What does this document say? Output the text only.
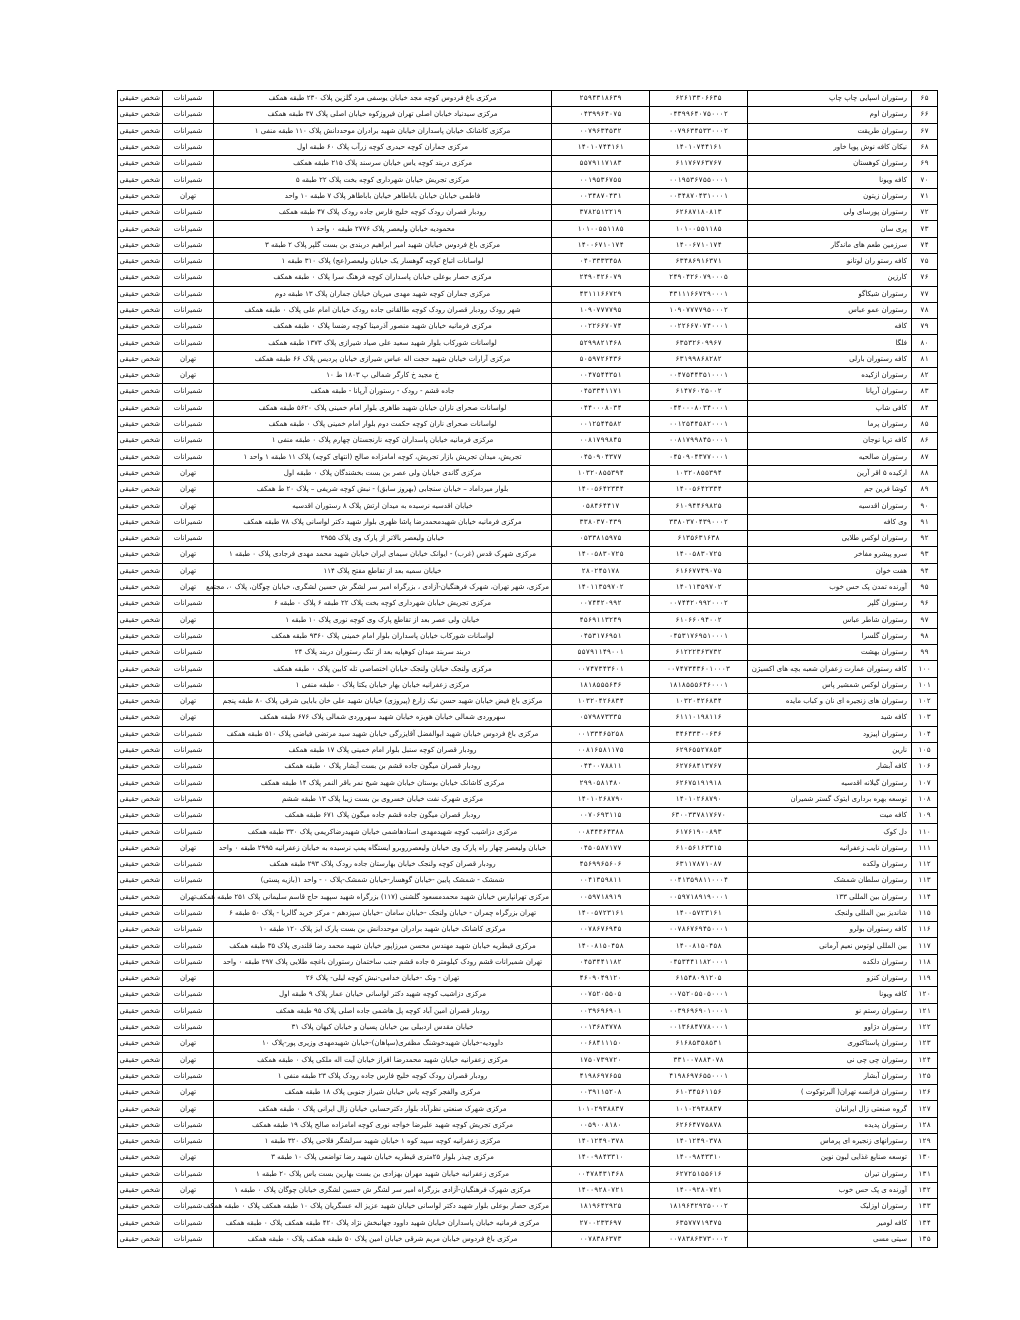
۶۵	رستوران اسپایی چاپ چاپ	۶۲۶۱۳۳۰۶۶۳۵	۲۵۹۴۳۱۸۶۳۹	مرکزی باغ فردوس کوچه مجد خیابان یوسفی مرد گلزین پلاک ۲۳۰ طبقه همکف	شمیرانات	شخص حقیقی
۶۶	رستوران اوم	۰۴۳۹۹۶۴۰۷۵۰۰۰۲	۰۴۳۹۹۶۴۰۷۵	مرکزی سیدنیاد خیابان اصلی تهران فیروزکوه خیابان اصلی پلاک ۳۷ طبقه همکف	شمیرانات	شخص حقیقی
۶۷	رستوران طریقت	۰۰۷۹۶۳۴۵۳۳۰۰۰۲	۰۰۷۹۶۳۴۵۳۲	مرکزی کاشانک خیابان پاسداران خیابان شهید برادران موحددانش پلاک ۱۱۰ طبقه منفی ۱	شمیرانات	شخص حقیقی
۶۸	نیکان کافه نوش پویا خاور	۱۴۰۱۰۷۴۴۱۶۱	۱۴۰۱۰۷۴۴۱۶۱	مرکزی جماران کوچه حیدری کوچه زرآب پلاک ۶۰ طبقه اول	شمیرانات	شخص حقیقی
۶۹	رستوران کوهستان	۶۱۱۷۶۷۶۳۷۶۷	۵۵۷۹۱۱۷۱۸۳	مرکزی دربند کوچه یاس خیابان سرسند پلاک ۲۱۵ طبقه همکف	شمیرانات	شخص حقیقی
۷۰	کافه ویونا	۰۰۱۹۵۳۶۷۵۵۰۰۰۱	۰۰۱۹۵۳۶۷۵۵	مرکزی تجریش خیابان شهرداری کوچه بخت پلاک ۲۲ طبقه ۵	شمیرانات	شخص حقیقی
۷۱	رستوران زیتون	۰۰۳۴۸۷۰۴۳۱۰۰۰۱	۰۰۳۴۸۷۰۴۳۱	فاطمی خیابان خیابان باباطاهر خیابان باباطاهر پلاک ۷ طبقه ۱۰ واحد	تهران	شخص حقیقی
۷۲	رستوران پورسای ولی	۶۲۶۸۷۱۸۰۸۱۳	۳۷۸۲۵۱۲۲۱۹	رودبار قصران رودک کوچه خلیج فارس جاده رودک پلاک ۴۷ طبقه همکف	شمیرانات	شخص حقیقی
۷۳	پری سان	۱۰۱۰۰۵۵۱۱۸۵	۱۰۱۰۰۵۵۱۱۸۵	محمودیه خیابان ولیعصر پلاک ۲۷۷۶ طبقه ۰ واحد ۱	شمیرانات	شخص حقیقی
۷۴	سرزمین طعم های ماندگار	۱۴۰۰۶۷۱۰۱۷۴	۱۴۰۰۶۷۱۰۱۷۴	مرکزی باغ فردوس خیابان شهید امیر ابراهیم دربندی بن بست گلپر پلاک ۲ طبقه ۳	شمیرانات	شخص حقیقی
۷۵	کافه رستو ران لوتانو	۶۳۴۸۶۹۱۶۳۷۱	۰۴۰۳۳۳۳۴۵۸	لواسانات اتباع کوچه گوهسار یک خیابان ولیعصر(عج) پلاک ۳۱۰ طبقه ۱	شمیرانات	شخص حقیقی
۷۶	کارزین	۲۴۹۰۴۲۶۰۷۹۰۰۰۵	۲۴۹۰۴۲۶۰۷۹	مرکزی حصار بوعلی خیابان پاسداران کوچه فرهنگ سرا پلاک ۰ طبقه همکف	شمیرانات	شخص حقیقی
۷۷	رستوران شیکاگو	۴۳۱۱۱۶۶۷۲۹۰۰۰۱	۴۳۱۱۱۶۶۷۲۹	مرکزی جماران کوچه شهید مهدی میریان خیابان جماران پلاک ۱۳ طبقه دوم	شمیرانات	شخص حقیقی
۷۸	رستوران عمو عباس	۱۰۹۰۷۷۷۷۹۵۰۰۰۲	۱۰۹۰۷۷۷۷۹۵	شهر رودک رودبار قصران رودک کوچه طالقانی جاده رودک خیابان امام علی پلاک ۰ طبقه همکف	شمیرانات	شخص حقیقی
۷۹	کافه	۰۰۲۲۶۶۷۰۷۴۰۰۰۱	۰۰۲۲۶۶۷۰۷۴	مرکزی فرمانیه خیابان شهید منصور آذرمینا کوچه رضسا پلاک ۰ طبقه همکف	شمیرانات	شخص حقیقی
۸۰	فلگا	۶۳۵۳۲۶۰۹۹۶۷	۵۲۹۹۸۲۱۴۶۸	لواسانات شورکاب بلوار شهید سعید علی صیاد شیرازی پلاک ۱۳۷۳ طبقه همکف	شمیرانات	شخص حقیقی
۸۱	کافه رستوران بارلی	۶۳۱۹۹۸۶۸۲۸۲	۵۰۵۹۷۲۶۴۳۶	مرکزی آرارات خیابان شهید حجت اله عباس شیرازی خیابان پردیس پلاک ۶۶ طبقه همکف	تهران	شخص حقیقی
۸۲	رستوران ازکیده	۰۰۴۷۵۴۴۳۵۱۰۰۰۱	۰۰۴۷۵۴۴۳۵۱	خ مجید خ کارگر شمالی پ ۱۸۰۳ ط ۱۰	تهران	شخص حقیقی
۸۳	رستوران آرپانا	۶۱۴۷۶۰۲۵۰۰۲	۰۴۵۳۳۴۱۱۷۱	جاده قشم - رودک - رستوران آرپانا - طبقه همکف	شمیرانات	شخص حقیقی
۸۴	کافی شاپ	۰۴۴۰۰۰۸۰۳۴۰۰۰۱	۰۴۴۰۰۰۸۰۳۴	لواسانات صحرای ناران خیابان شهید طاهری بلوار امام خمینی پلاک ۵۶۲۰ طبقه همکف	شمیرانات	شخص حقیقی
۸۵	رستوران پرما	۰۰۱۲۵۴۴۵۸۲۰۰۰۱	۰۰۱۲۵۴۴۵۸۲	لواسانات صحرای ناران کوچه حکمت دوم بلوار امام خمینی پلاک ۰ طبقه همکف	شمیرانات	شخص حقیقی
۸۶	کافه تریا نوجان	۰۰۸۱۷۹۹۸۴۵۰۰۰۱	۰۰۸۱۷۹۹۸۴۵	مرکزی فرمانیه خیابان پاسداران کوچه نارنجستان چهارم پلاک ۰ طبقه منفی ۱	شمیرانات	شخص حقیقی
۸۷	رستوران صالحیه	۰۴۵۰۹۰۴۳۷۷۰۰۰۱	۰۴۵۰۹۰۴۳۷۷	تجریش، میدان تجریش بازار تجریش، کوچه امامزاده صالح (انتهای کوچه) پلاک ۱۱ طبقه ۱ واحد ۱	شمیرانات	شخص حقیقی
۸۸	ارکیده ۵ اقر آرین	۱۰۳۲۰۸۵۵۳۹۴	۱۰۳۲۰۸۵۵۳۹۴	مرکزی گاندی خیابان ولی عصر بن بست بخشندگان پلاک ۰ طبقه اول	تهران	شخص حقیقی
۸۹	کوشا فرین جم	۱۴۰۰۵۶۴۲۳۳۴	۱۴۰۰۵۶۴۲۳۳۴	بلوار میرداماد – خیابان سنجابی (بهروز سابق) - نبش کوچه شریفی – پلاک ۲۰ ط همکف	تهران	شخص حقیقی
۹۰	رستوران اقدسیه	۶۱۰۹۴۴۶۹۸۲۵	۰۵۸۴۶۴۴۱۷	خیابان اقدسیه نرسیده به میدان ارتش پلاک ۸ رستوران اقدسیه	تهران	شخص حقیقی
۹۱	وی کافه	۳۳۸۰۳۷۰۴۳۹۰۰۰۲	۳۳۸۰۳۷۰۴۳۹	مرکزی فرمانیه خیابان شهیدمحمدرضا پاشا ظهری بلوار شهید دکتر لواسانی پلاک ۷۸ طبقه همکف	شمیرانات	شخص حقیقی
۹۲	رستوران لوکس طلایی	۶۱۳۵۶۳۱۶۳۸	۰۵۳۳۸۱۵۹۷۵	خیابان ولیعصر بالاتر از پارک وی پلاک ۲۹۵۵	شمیرانات	شخص حقیقی
۹۳	سرو پیشرو مفاخر	۱۴۰۰۵۸۳۰۷۲۵	۱۴۰۰۵۸۳۰۷۲۵	مرکزی شهرک قدس (غرب) - ایوانک خیابان سیمای ایران خیابان شهید محمد مهدی فرجادی پلاک ۰ طبقه ۱	تهران	شخص حقیقی
۹۴	هفت خوان	۶۱۶۶۷۷۳۹۰۷۵	۲۸۰۲۴۵۱۷۸	خیابان سمیه بعد از تقاطع مفتح پلاک ۱۱۴	تهران	شخص حقیقی
۹۵	آورنده تمدن پک حس خوب	۱۴۰۱۱۳۵۹۷۰۲	۱۴۰۱۱۳۵۹۷۰۲	مرکزی، شهر تهران، شهرک فرهنگیان-آزادی ، بزرگراه امیر سر لشگر ش حسین لشگری، خیابان چوگان، پلاک ۰، مجتمع	تهران	شخص حقیقی
۹۶	رستوران گلپر	۰۰۷۴۴۲۰۹۹۲۰۰۰۲	۰۰۷۴۴۲۰۹۹۲	مرکزی تجریش خیابان شهرداری کوچه بخت پلاک ۲۲ طبقه ۶ پلاک ۰ طبقه ۶	شمیرانات	شخص حقیقی
۹۷	رستوران شاطر عباس	۶۱۰۶۶۰۹۴۰۰۲	۴۵۶۹۱۱۳۲۴۹	خیابان ولی عصر بعد از تقاطع پارک وی کوچه نوری پلاک ۱۰ طبقه ۱	تهران	شخص حقیقی
۹۸	رستوران گلسرا	۰۴۵۳۱۷۶۹۵۱۰۰۰۱	۰۴۵۳۱۷۶۹۵۱	لواسانات شورکاب خیابان پاسداران بلوار امام خمینی پلاک ۹۳۶۰ طبقه همکف	شمیرانات	شخص حقیقی
۹۹	رستوران بهشت	۶۱۲۲۲۳۶۳۷۳۲	۵۵۷۹۱۱۴۹۰۰۱	دربند سربند میدان کوهپایه بعد از تنگ رستوران دربند پلاک ۲۴	شمیرانات	شخص حقیقی
۱۰۰	کافه رستوران عمارت زعفران شعبه بچه های اکسیژن	۰۰۷۴۷۳۴۳۶۰۱۰۰۰۳	۰۰۷۴۷۳۴۳۶۰۱	مرکزی ولنجک خیابان ولنجک خیابان اختصاصی تله کابین پلاک ۰ طبقه همکف	شمیرانات	شخص حقیقی
۱۰۱	رستوران لوکس شمشیر پاس	۱۸۱۸۵۵۵۶۴۶۰۰۰۱	۱۸۱۸۵۵۵۶۴۶	مرکزی زعفرانیه خیابان بهار خیابان یکتا پلاک ۰ طبقه منفی ۱	شمیرانات	شخص حقیقی
۱۰۲	رستوران های زنجیره ای نان و کباب مایده	۱۰۳۲۰۴۲۶۸۳۴	۱۰۳۲۰۴۲۶۸۳۴	مرکزی باغ فیض خیابان شهید حسن نیک زارع (پیروزی) خیابان شهید علی خان بابایی شرقی پلاک ۸۰ طبقه پنجم	تهران	شخص حقیقی
۱۰۳	کافه شید	۶۱۱۱۰۱۹۸۱۱۶	۰۵۷۹۸۷۳۳۳۵	سهروردی شمالی خیابان هویزه خیابان شهید سهروردی شمالی پلاک ۶۷۶ طبقه همکف	تهران	شخص حقیقی
۱۰۴	رستوران اپیزود	۳۴۶۴۳۳۰۰۶۳۶	۰۰۱۳۳۴۶۵۲۵۸	مرکزی باغ فردوس خیابان شهید ابوالفضل آقایزرگی خیابان شهید سید مرتضی فیاضی پلاک ۵۱۰ طبقه همکف	شمیرانات	شخص حقیقی
۱۰۵	نارین	۶۲۹۶۵۵۲۷۸۵۳	۰۰۸۱۶۵۸۱۱۷۵	رودبار قصران کوچه سنبل بلوار امام خمینی پلاک ۱۷ طبقه همکف	شمیرانات	شخص حقیقی
۱۰۶	کافه آبشار	۶۲۷۶۸۴۱۳۷۶۷	۰۴۴۰۰۷۸۸۱۱	رودبار قصران میگون جاده قشم بن بست آبشار پلاک ۰ طبقه همکف	شمیرانات	شخص حقیقی
۱۰۷	رستوران گیلانه اقدسیه	۶۲۶۷۵۱۹۱۹۱۸	۲۹۹۰۵۸۱۴۸۰	مرکزی کاشانک خیابان بوستان خیابان شهید شیخ نمر باقر النمر پلاک ۱۴ طبقه همکف	شمیرانات	شخص حقیقی
۱۰۸	توسعه بهره برداری ایتوک گستر شمیران	۱۴۰۱۰۲۶۸۷۹۰	۱۴۰۱۰۲۶۸۷۹۰	مرکزی شهرک نفت خیابان خسروی بن بست زیبا پلاک ۱۳ طبقه ششم	شمیرانات	شخص حقیقی
۱۰۹	کافه میت	۶۳۰۰۳۳۷۸۱۷۶۷۰	۰۰۷۰۶۹۳۱۱۵	رودبار قصران میگون جاده قشم جاده میگون پلاک ۶۷۱ طبقه همکف	شمیرانات	شخص حقیقی
۱۱۰	دل کوک	۶۱۷۶۱۹۰۰۸۹۳	۰۰۸۴۴۳۶۴۳۸۸	مرکزی دزاشیب کوچه شهیدمهدی استادهاشمی خیابان شهیدرضاکریمی پلاک ۳۳۰ طبقه همکف	شمیرانات	شخص حقیقی
۱۱۱	رستوران نایب زعفرانیه	۶۱۰۵۶۱۶۳۳۱۵	۰۴۵۰۵۸۷۱۷۷	خیابان ولیعصر چهار راه پارک وی خیابان ولیعصرروبرو ایستگاه پمپ نرسیده به خیابان زعفرانیه ۲۹۹۵ طبقه ۰ واحد	تهران	شخص حقیقی
۱۱۲	رستوران ولکده	۶۳۱۱۷۸۷۱۰۸۷	۴۵۶۹۹۶۵۶۰۶	رودبار قصران کوچه ولنجک خیابان بهارستان جاده رودک پلاک ۲۹۳ طبقه همکف	شمیرانات	شخص حقیقی
۱۱۳	رستوران سلطان شمشک	۰۰۴۱۳۵۹۸۱۱۰۰۰۴	۰۰۴۱۳۵۹۸۱۱	شمشک - شمشک پایین -خیابان گوهسار-خیابان شمشک-پلاک ۰ - واحد ۱(بازیه پستی)	شمیرانات	شخص حقیقی
۱۱۴	رستوران بین المللی ۱۳۳	۰۰۵۹۷۱۸۹۱۹۰۰۰۱	۰۰۵۹۷۱۸۹۱۹	مرکزی تهرانپارس خیابان شهید محمدمسعود گلشنی (۱۱۷) بزرگراه شهید سپهبد حاج قاسم سلیمانی پلاک ۲۵۱ طبقه همکف	تهران	شخص حقیقی
۱۱۵	شاندیز بین المللی ولنجک	۱۴۰۰۵۷۲۳۱۶۱	۱۴۰۰۵۷۲۳۱۶۱	تهران بزرگراه چمران - خیابان ولنجک -خیابان سامان -خیابان سپزدهم - مرکز خرید گالریا - پلاک ۵۰ طبقه ۶	شمیرانات	شخص حقیقی
۱۱۶	کافه رستوران بولرو	۰۰۷۸۶۷۶۹۴۵۰۰۰۱	۰۰۷۸۶۷۶۹۴۵	مرکزی کاشانک خیابان شهید برادران موحددانش بن بست پارک ایز پلاک ۱۲۰ طبقه ۱۰	شمیرانات	شخص حقیقی
۱۱۷	بین المللی لوتوس نعیم آرمانی	۱۴۰۰۸۱۵۰۴۵۸	۱۴۰۰۸۱۵۰۴۵۸	مرکزی قیطریه خیابان شهید مهندس محسن میرزاپور خیابان شهید محمد رضا قلندری پلاک ۳۵ طبقه همکف	شمیرانات	شخص حقیقی
۱۱۸	رستوران دلکده	۰۴۵۳۴۴۱۱۸۲۰۰۰۱	۰۴۵۳۴۴۱۱۸۲	تهران شمیرانات قشم رودک کیلومتر ۵ جاده قشم جنب ساختمان رستوران باغچه طلایی پلاک ۲۹۷ طبقه ۰ واحد	شمیرانات	شخص حقیقی
۱۱۹	رستوران کنزو	۶۱۵۴۸۰۹۱۲۰۵	۴۶۰۹۰۴۹۱۲۰	تهران - ونک -خیابان خدامی-نبش کوچه لیلی- پلاک ۲۶	تهران	شخص حقیقی
۱۲۰	کافه ویونا	۰۰۷۵۲۰۵۵۰۵۰۰۰۱	۰۰۷۵۲۰۵۵۰۵	مرکزی دزاشیب کوچه شهید دکتر لواسانی خیابان عمار پلاک ۹ طبقه اول	شمیرانات	شخص حقیقی
۱۲۱	رستوران رستم نو	۰۰۳۹۶۹۶۹۰۱۰۰۰۱	۰۰۳۹۶۹۶۹۰۱	رودبار قصران امین آباد کوچه پل هاشمی جاده اصلی پلاک ۹۵ طبقه همکف	شمیرانات	شخص حقیقی
۱۲۲	رستوران دژاوو	۰۰۱۳۶۸۴۷۷۸۰۰۰۱	۰۰۱۳۶۸۴۷۷۸	خیابان مقدس اردبیلی بین خیابان پسیان و خیابان کیهان پلاک ۳۱	شمیرانات	شخص حقیقی
۱۲۳	رستوران پاستاکتوری	۶۱۶۸۵۳۵۸۵۳۱	۰۰۶۸۴۱۱۱۵۰	داوودیه-خیابان شهیدخوشنگ مظفری(سپاهان)-خیابان شهیدمهدی وزیری پور-پلاک ۱۰	تهران	شخص حقیقی
۱۲۴	رستوران چی چی نی	۳۳۱۰۰۷۸۸۴۰۷۸	۱۷۵۰۷۳۹۷۲۰	مرکزی زعفرانیه خیابان شهید محمدرضا افراز خیابان آیت اله ملکی پلاک ۰ طبقه همکف	تهران	شخص حقیقی
۱۲۵	رستوران آبشار	۴۱۹۸۶۹۷۶۵۵۰۰۰۱	۴۱۹۸۶۹۷۶۵۵	رودبار قصران رودک کوچه خلیج فارس جاده رودک پلاک ۲۳ طبقه منفی ۱	شمیرانات	شخص حقیقی
۱۲۶	رستوران فرانسه تهران( آلبرتوکوت )	۶۱۰۳۴۵۶۱۱۵۶	۰۰۳۹۱۱۵۲۰۸	مرکزی والفجر کوچه یاس خیابان شیراز جنوبی پلاک ۱۸ طبقه همکف	تهران	شخص حقیقی
۱۲۷	گروه صنعتی زال ایرانیان	۱۰۱۰۲۹۳۸۸۳۷	۱۰۱۰۲۹۳۸۸۳۷	مرکزی شهرک صنعتی نظرآباد بلوار دکترحسابی خیابان زال ایرانی پلاک ۰ طبقه همکف	تهران	شخص حقیقی
۱۲۸	رستوران پدیده	۶۲۶۶۴۷۷۵۸۷۸	۰۰۵۹۰۰۸۱۸۰	مرکزی تجریش کوچه شهید علیرضا خواجه نوری کوچه امامزاده صالح پلاک ۱۹ طبقه همکف	شمیرانات	شخص حقیقی
۱۲۹	رستورانهای زنجیره ای پرماس	۱۴۰۱۲۴۹۰۳۷۸	۱۴۰۱۲۴۹۰۳۷۸	مرکزی زعفرانیه کوچه سپید کوه ۱ خیابان شهید سرلشگر فلاحی پلاک ۳۲۰ طبقه ۱	شمیرانات	شخص حقیقی
۱۳۰	توسعه صنایع غذایی لیون نوین	۱۴۰۰۹۸۴۳۳۱۰	۱۴۰۰۹۸۴۳۳۱۰	مرکزی چیذر بلوار ۲۵متری قیطریه خیابان شهید رضا تواضعی پلاک ۱۰ طبقه ۳	تهران	شخص حقیقی
۱۳۱	رستوران تیران	۶۲۷۲۵۱۵۵۶۱۶	۰۰۴۷۸۴۳۱۴۶۸	مرکزی زعفرانیه خیابان شهید مهران بهزادی بن بست بهارین بست یاس پلاک ۲۰ طبقه ۱	شمیرانات	شخص حقیقی
۱۳۲	آورنده ی پک حس خوب	۱۴۰۰۹۲۸۰۷۲۱	۱۴۰۰۹۲۸۰۷۲۱	مرکزی شهرک فرهنگیان-آزادی بزرگراه امیر سر لشگر ش حسین لشگری خیابان چوگان پلاک ۰ طبقه ۱	تهران	شخص حقیقی
۱۳۳	رستوران اوزلیک	۱۸۱۹۶۴۲۹۲۵۰۰۰۲	۱۸۱۹۶۴۲۹۲۵	مرکزی حصار بوعلی بلوار شهید دکتر لواسانی خیابان شهید عزیز اله عسگریان پلاک ۱۰ طبقه همکف پلاک ۰ طبقه همکف	شمیرانات	شخص حقیقی
۱۳۴	کافه لومیر	۶۳۵۷۷۷۱۹۴۷۵	۲۷۰۰۲۳۳۶۹۷	مرکزی فرمانیه خیابان پاسداران خیابان شهید داوود جهانبخش نژاد پلاک ۴۲۰ طبقه همکف پلاک ۰ طبقه همکف	شمیرانات	شخص حقیقی
۱۳۵	سیتی مسی	۰۰۷۸۳۸۶۳۷۳۰۰۰۲	۰۰۷۸۳۸۶۳۷۳	مرکزی باغ فردوس خیابان مریم شرقی خیابان امین پلاک ۵۰ طبقه همکف پلاک ۰ طبقه همکف	شمیرانات	شخص حقیقی
